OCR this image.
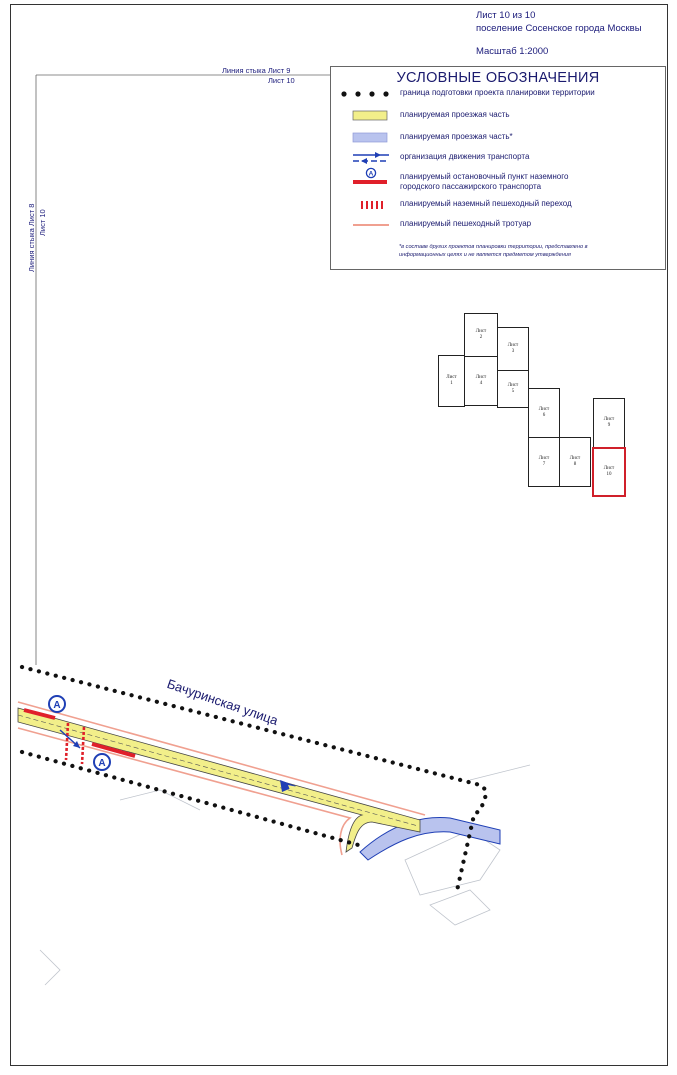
Лист 10 из 10
поселение Сосенское города Москвы
Масштаб 1:2000
Линия стыка Лист 9
Лист 10
Линия стыка Лист 8 Лист 10
УСЛОВНЫЕ ОБОЗНАЧЕНИЯ
граница подготовки проекта планировки территории
планируемая проезжая часть
планируемая проезжая часть*
организация движения транспорта
A	планируемый остановочный пункт наземного
городского пассажирского транспорта
планируемый наземный пешеходный переход
планируемый пешеходный тротуар
*в составе других проектов планировки территории, представлено в
информационных целях и не является предметом утверждения
Лист
1
Лист
2
Лист
3
Лист
4	Лист
5
Лист
6
Лист
7
Лист
8
Лист
9
Лист
10
A
A
Бачуринская улица
